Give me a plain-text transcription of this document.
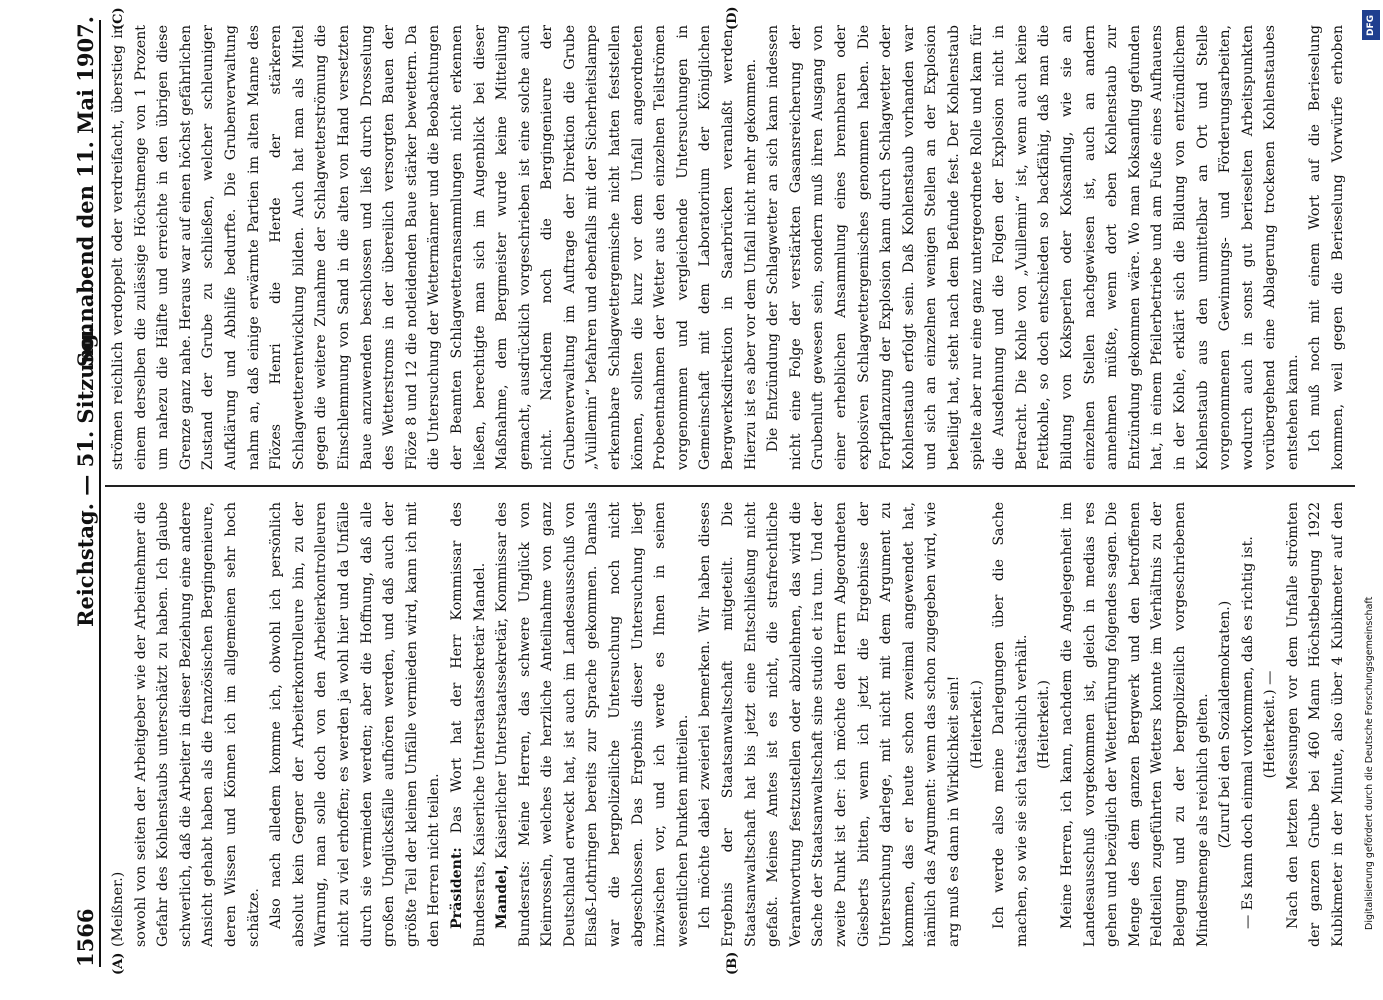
1566
Reichstag. — 51. Sitzung.
Sonnabend den 11. Mai 1907.
(A)	(B)
(C)	(D)

(Meißner.) sowohl von seiten der Arbeitgeber wie der Arbeitnehmer die Gefahr des Kohlenstaubs unterschätzt zu haben. Ich glaube schwerlich, daß die Arbeiter in dieser Beziehung eine andere Ansicht gehabt haben als die französischen Bergingenieure, deren Wissen und Können ich im allgemeinen sehr hoch schätze. Also nach alledem komme ich, obwohl ich persönlich absolut kein Gegner der Arbeiterkontrolleure bin, zu der Warnung, man solle doch von den Arbeiterkontrolleuren nicht zu viel erhoffen; es werden ja wohl hier und da Unfälle durch sie vermieden werden; aber die Hoffnung, daß alle großen Unglücksfälle aufhören werden, und daß auch der größte Teil der kleinen Unfälle vermieden wird, kann ich mit den Herren nicht teilen. Präsident: Das Wort hat der Herr Kommissar des Bundesrats, Kaiserliche Unterstaatssekretär Mandel. Mandel, Kaiserlicher Unterstaatssekretär, Kommissar des Bundesrats: Meine Herren, das schwere Unglück von Kleinrosseln, welches die herzliche Anteilnahme von ganz Deutschland erweckt hat, ist auch im Landesausschuß von Elsaß-Lothringen bereits zur Sprache gekommen. Damals war die bergpolizeiliche Untersuchung noch nicht abgeschlossen. Das Ergebnis dieser Untersuchung liegt inzwischen vor, und ich werde es Ihnen in seinen wesentlichen Punkten mitteilen. Ich möchte dabei zweierlei bemerken. Wir haben dieses Ergebnis der Staatsanwaltschaft mitgeteilt. Die Staatsanwaltschaft hat bis jetzt eine Entschließung nicht gefaßt. Meines Amtes ist es nicht, die strafrechtliche Verantwortung festzustellen oder abzulehnen, das wird die Sache der Staatsanwaltschaft sine studio et ira tun. Und der zweite Punkt ist der: ich möchte den Herrn Abgeordneten Giesberts bitten, wenn ich jetzt die Ergebnisse der Untersuchung darlege, mit nicht mit dem Argument zu kommen, das er heute schon zweimal angewendet hat, nämlich das Argument: wenn das schon zugegeben wird, wie arg muß es dann in Wirklichkeit sein! (Heiterkeit.) Ich werde also meine Darlegungen über die Sache machen, so wie sie sich tatsächlich verhält. (Heiterkeit.) Meine Herren, ich kann, nachdem die Angelegenheit im Landesausschuß vorgekommen ist, gleich in medias res gehen und bezüglich der Wetterführung folgendes sagen. Die Menge des dem ganzen Bergwerk und den betroffenen Feldteilen zugeführten Wetters konnte im Verhältnis zu der Belegung und zu der bergpolizeilich vorgeschriebenen Mindestmenge als reichlich gelten. (Zuruf bei den Sozialdemokraten.) — Es kann doch einmal vorkommen, daß es richtig ist. (Heiterkeit.) —

Nach den letzten Messungen vor dem Unfalle strömten der ganzen Grube bei 460 Mann Höchstbelegung 1922 Kubikmeter in der Minute, also über 4 Kubikmeter auf den

strömen reichlich verdoppelt oder verdreifacht, überstieg in einem derselben die zulässige Höchstmenge von 1 Prozent um nahezu die Hälfte und erreichte in den übrigen diese Grenze ganz nahe. Heraus war auf einen höchst gefährlichen Zustand der Grube zu schließen, welcher schleuniger Aufklärung und Abhilfe bedurfte. Die Grubenverwaltung nahm an, daß einige erwärmte Partien im alten Manne des Flözes Henri die Herde der stärkeren Schlagwetterentwicklung bilden. Auch hat man als Mittel gegen die weitere Zunahme der Schlagwetterströmung die Einschlemmung von Sand in die alten von Hand versetzten Baue anzuwenden beschlossen und ließ durch Drosselung des Wetterstroms in der übereilich versorgten Bauen der Flöze 8 und 12 die notleidenden Baue stärker bewettern. Da die Untersuchung der Wettermänner und die Beobachtungen der Beamten Schlagwetteransammlungen nicht erkennen ließen, berechtigte man sich im Augenblick bei dieser Maßnahme, dem Bergmeister wurde keine Mitteilung gemacht, ausdrücklich vorgeschrieben ist eine solche auch nicht. Nachdem noch die Bergingenieure der Grubenverwaltung im Auftrage der Direktion die Grube „Vuillemin“ befahren und ebenfalls mit der Sicherheitslampe erkennbare Schlagwettergemische nicht hatten feststellen können, sollten die kurz vor dem Unfall angeordneten Probeentnahmen der Wetter aus den einzelnen Teilströmen vorgenommen und vergleichende Untersuchungen in Gemeinschaft mit dem Laboratorium der Königlichen Bergwerksdirektion in Saarbrücken veranlaßt werden. Hierzu ist es aber vor dem Unfall nicht mehr gekommen. Die Entzündung der Schlagwetter an sich kann indessen nicht eine Folge der verstärkten Gasansreicherung der Grubenluft gewesen sein, sondern muß ihren Ausgang von einer erheblichen Ansammlung eines brennbaren oder explosiven Schlagwettergemisches genommen haben. Die Fortpflanzung der Explosion kann durch Schlagwetter oder Kohlenstaub erfolgt sein. Daß Kohlenstaub vorhanden war und sich an einzelnen wenigen Stellen an der Explosion beteiligt hat, steht nach dem Befunde fest. Der Kohlenstaub spielte aber nur eine ganz untergeordnete Rolle und kam für die Ausdehnung und die Folgen der Explosion nicht in Betracht. Die Kohle von „Vuillemin“ ist, wenn auch keine Fettkohle, so doch entschieden so backfähig, daß man die Bildung von Koksperlen oder Koksanflug, wie sie an einzelnen Stellen nachgewiesen ist, auch an andern annehmen müßte, wenn dort eben Kohlenstaub zur Entzündung gekommen wäre. Wo man Koksanflug gefunden hat, in einem Pfeilerbetriebe und am Fuße eines Aufhauens in der Kohle, erklärt sich die Bildung von entzündlichem Kohlenstaub aus den unmittelbar an Ort und Stelle vorgenommenen Gewinnungs- und Förderungsarbeiten, wodurch auch in sonst gut berieselten Arbeitspunkten vorübergehend eine Ablagerung trockenen Kohlenstaubes entstehen kann. Ich muß noch mit einem Wort auf die Berieselung kommen, weil gegen die Berieselung Vorwürfe erhoben	DFG
Digitalisierung gefördert durch die Deutsche Forschungsgemeinschaft
